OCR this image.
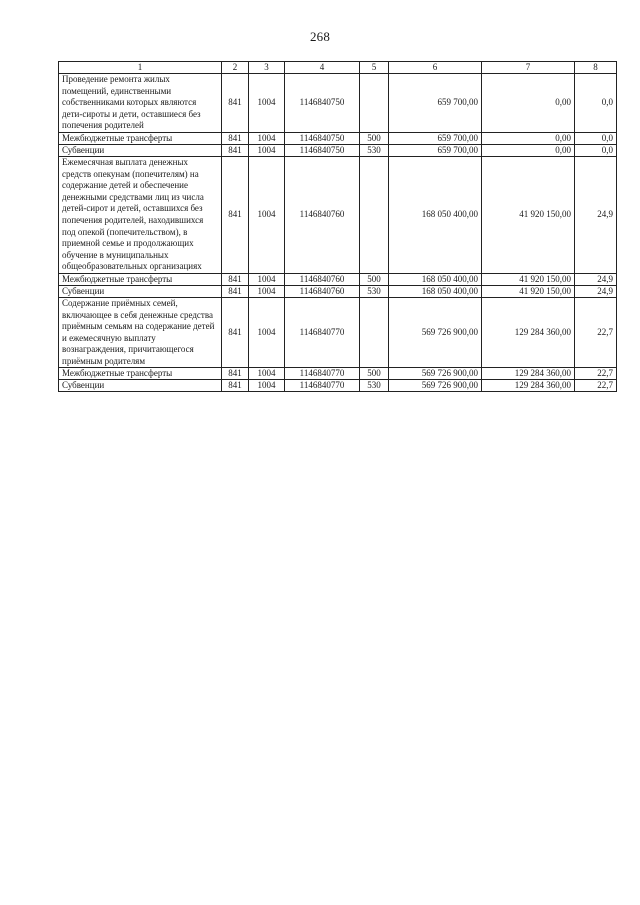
268
1	2	3	4	5	6	7	8
Проведение ремонта жилых помещений, единственными собственниками которых являются дети-сироты и дети, оставшиеся без попечения родителей	841	1004	1146840750		659 700,00	0,00	0,0
Межбюджетные трансферты	841	1004	1146840750	500	659 700,00	0,00	0,0
Субвенции	841	1004	1146840750	530	659 700,00	0,00	0,0
Ежемесячная выплата денежных средств опекунам (попечителям) на содержание детей и обеспечение денежными средствами лиц из числа детей-сирот и детей, оставшихся без попечения родителей, находившихся под опекой (попечительством), в приемной семье и продолжающих обучение в муниципальных общеобразовательных организациях	841	1004	1146840760		168 050 400,00	41 920 150,00	24,9
Межбюджетные трансферты	841	1004	1146840760	500	168 050 400,00	41 920 150,00	24,9
Субвенции	841	1004	1146840760	530	168 050 400,00	41 920 150,00	24,9
Содержание приёмных семей, включающее в себя денежные средства приёмным семьям на содержание детей и ежемесячную выплату вознаграждения, причитающегося приёмным родителям	841	1004	1146840770		569 726 900,00	129 284 360,00	22,7
Межбюджетные трансферты	841	1004	1146840770	500	569 726 900,00	129 284 360,00	22,7
Субвенции	841	1004	1146840770	530	569 726 900,00	129 284 360,00	22,7
